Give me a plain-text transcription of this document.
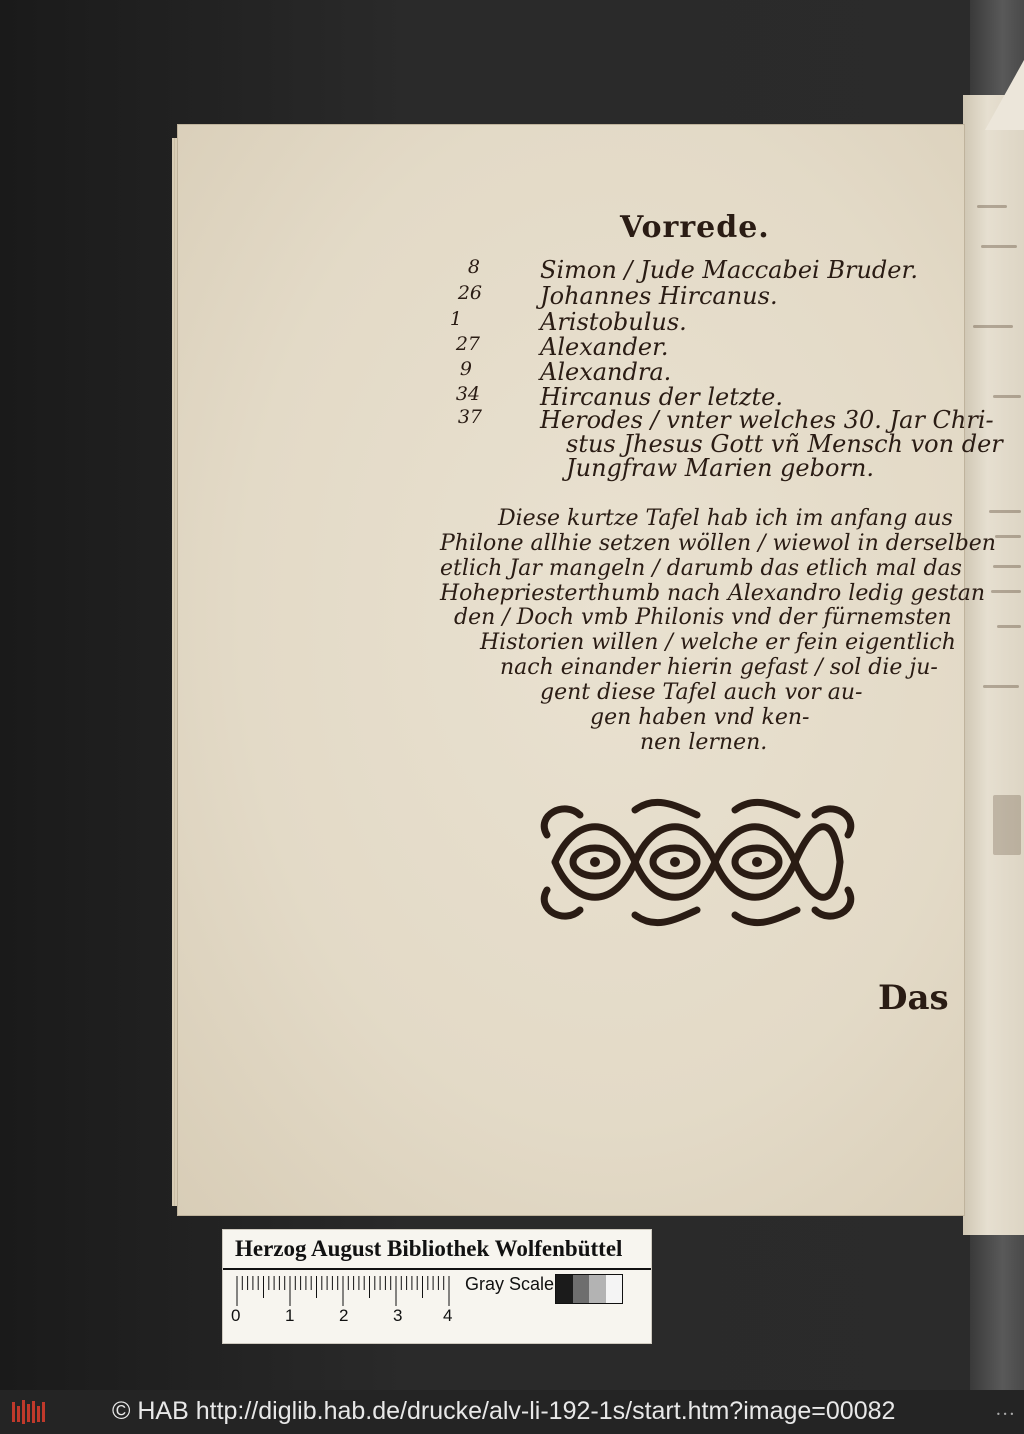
Vorrede.
8	Simon / Jude Maccabei Bruder.
26 Johannes Hircanus.
1	Aristobulus.
27	Alexander.
9	Alexandra.
34	Hircanus der letzte.
37 Herodes / vnter welches 30. Jar Chri-
stus Jhesus Gott vñ Mensch von der
Jungfraw Marien geborn.
Diese kurtze Tafel hab ich im anfang aus
Philone allhie setzen wöllen / wiewol in derselben
etlich Jar mangeln / darumb das etlich mal das
Hohepriesterthumb nach Alexandro ledig gestan
den / Doch vmb Philonis vnd der fürnemsten
Historien willen / welche er fein eigentlich
nach einander hierin gefast / sol die ju-
gent diese Tafel auch vor au-
gen haben vnd ken-
nen lernen.
Das
Herzog August Bibliothek Wolfenbüttel
0	1	2	3 4
Gray Scale
© HAB http://diglib.hab.de/drucke/alv-li-192-1s/start.htm?image=00082	•••
